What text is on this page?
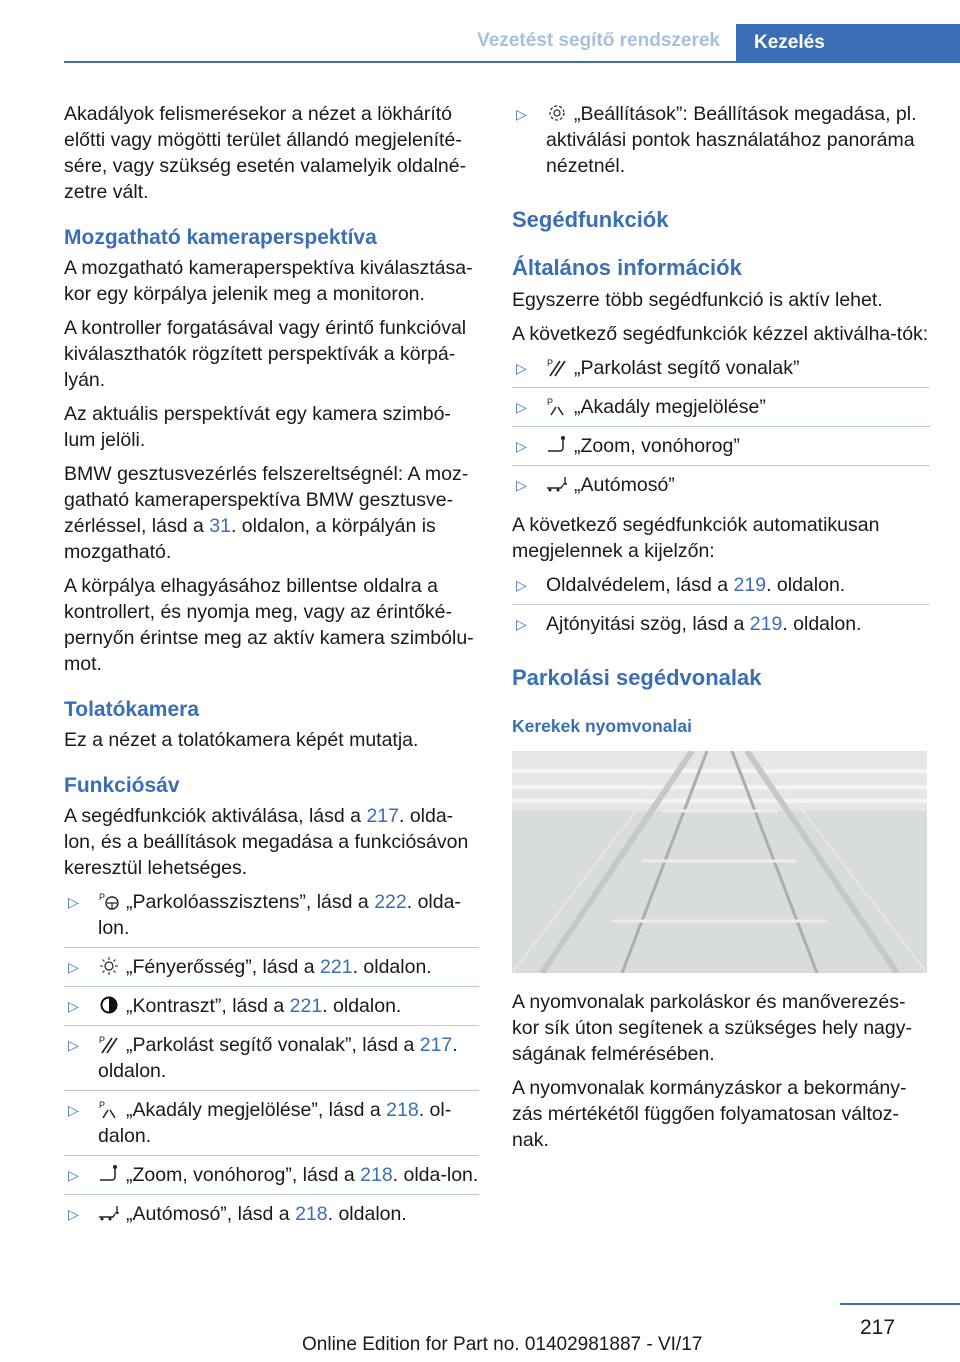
Vezetést segítő rendszerek	Kezelés

Akadályok felismerésekor a nézet a lökhárító előtti vagy mögötti terület állandó megjeleníté-sére, vagy szükség esetén valamelyik oldalné-zetre vált.

Mozgatható kameraperspektíva

A mozgatható kameraperspektíva kiválasztása-kor egy körpálya jelenik meg a monitoron.

A kontroller forgatásával vagy érintő funkcióval kiválaszthatók rögzített perspektívák a körpá-lyán.

Az aktuális perspektívát egy kamera szimbó-lum jelöli.

BMW gesztusvezérlés felszereltségnél: A moz-gatható kameraperspektíva BMW gesztusve-zérléssel, lásd a 31. oldalon, a körpályán is mozgatható.

A körpálya elhagyásához billentse oldalra a kontrollert, és nyomja meg, vagy az érintőké-pernyőn érintse meg az aktív kamera szimbólu-mot.

Tolatókamera

Ez a nézet a tolatókamera képét mutatja.

Funkciósáv

A segédfunkciók aktiválása, lásd a 217. olda-lon, és a beállítások megadása a funkciósávon keresztül lehetséges.

▷ P „Parkolóasszisztens”, lásd a 222. olda-lon.
▷ „Fényerősség”, lásd a 221. oldalon.
▷ „Kontraszt”, lásd a 221. oldalon.
▷ P „Parkolást segítő vonalak”, lásd a 217. oldalon.
▷ P „Akadály megjelölése”, lásd a 218. ol-dalon.
▷ „Zoom, vonóhorog”, lásd a 218. olda-lon.
▷ „Autómosó”, lásd a 218. oldalon.
▷ „Beállítások”: Beállítások megadása, pl. aktiválási pontok használatához panoráma nézetnél.
Segédfunkciók
Általános információk

Egyszerre több segédfunkció is aktív lehet.

A következő segédfunkciók kézzel aktiválha-tók:

▷ P „Parkolást segítő vonalak”
▷ P „Akadály megjelölése”
▷ „Zoom, vonóhorog”
▷ „Autómosó”

A következő segédfunkciók automatikusan megjelennek a kijelzőn:

▷ Oldalvédelem, lásd a 219. oldalon.
▷ Ajtónyitási szög, lásd a 219. oldalon.
Parkolási segédvonalak
Kerekek nyomvonalai

A nyomvonalak parkoláskor és manőverezés-kor sík úton segítenek a szükséges hely nagy-ságának felmérésében.

A nyomvonalak kormányzáskor a bekormány-zás mértékétől függően folyamatosan változ-nak.

217
Online Edition for Part no. 01402981887 - VI/17
